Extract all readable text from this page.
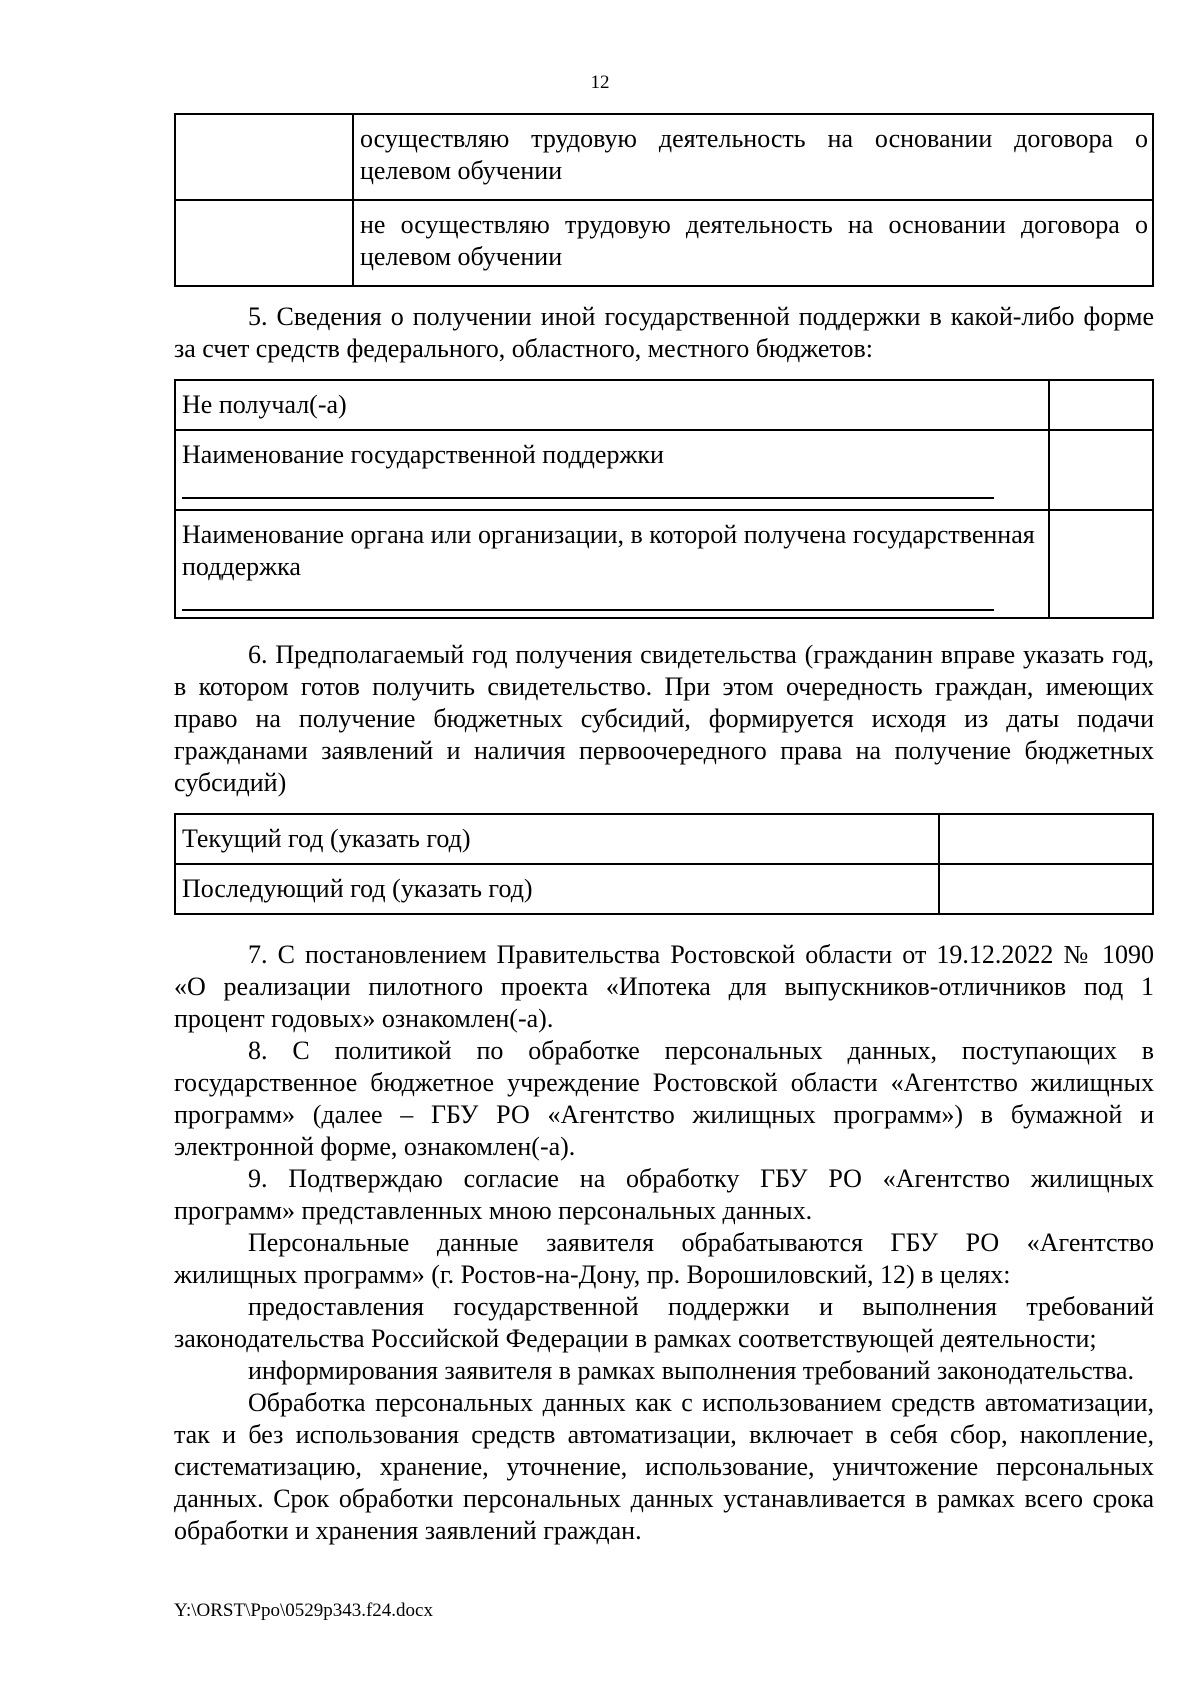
12
	осуществляю трудовую деятельность на основании договора о целевом обучении
	не осуществляю трудовую деятельность на основании договора о целевом обучении

5. Сведения о получении иной государственной поддержки в какой-либо форме за счет средств федерального, областного, местного бюджетов:

Не получал(-а)	

Наименование государственной поддержки	

Наименование органа или организации, в которой получена государственная поддержка	

6. Предполагаемый год получения свидетельства (гражданин вправе указать год, в котором готов получить свидетельство. При этом очередность граждан, имеющих право на получение бюджетных субсидий, формируется исходя из даты подачи гражданами заявлений и наличия первоочередного права на получение бюджетных субсидий)

Текущий год (указать год)	
Последующий год (указать год)	

7. С постановлением Правительства Ростовской области от 19.12.2022 № 1090 «О реализации пилотного проекта «Ипотека для выпускников-отличников под 1 процент годовых» ознакомлен(-а).

8. С политикой по обработке персональных данных, поступающих в государственное бюджетное учреждение Ростовской области «Агентство жилищных программ» (далее – ГБУ РО «Агентство жилищных программ») в бумажной и электронной форме, ознакомлен(-а).

9. Подтверждаю согласие на обработку ГБУ РО «Агентство жилищных программ» представленных мною персональных данных.

Персональные данные заявителя обрабатываются ГБУ РО «Агентство жилищных программ» (г. Ростов-на-Дону, пр. Ворошиловский, 12) в целях:

предоставления государственной поддержки и выполнения требований законодательства Российской Федерации в рамках соответствующей деятельности;

информирования заявителя в рамках выполнения требований законодательства.

Обработка персональных данных как с использованием средств автоматизации, так и без использования средств автоматизации, включает в себя сбор, накопление, систематизацию, хранение, уточнение, использование, уничтожение персональных данных. Срок обработки персональных данных устанавливается в рамках всего срока обработки и хранения заявлений граждан.

Y:\ORST\Ppo\0529p343.f24.docx
